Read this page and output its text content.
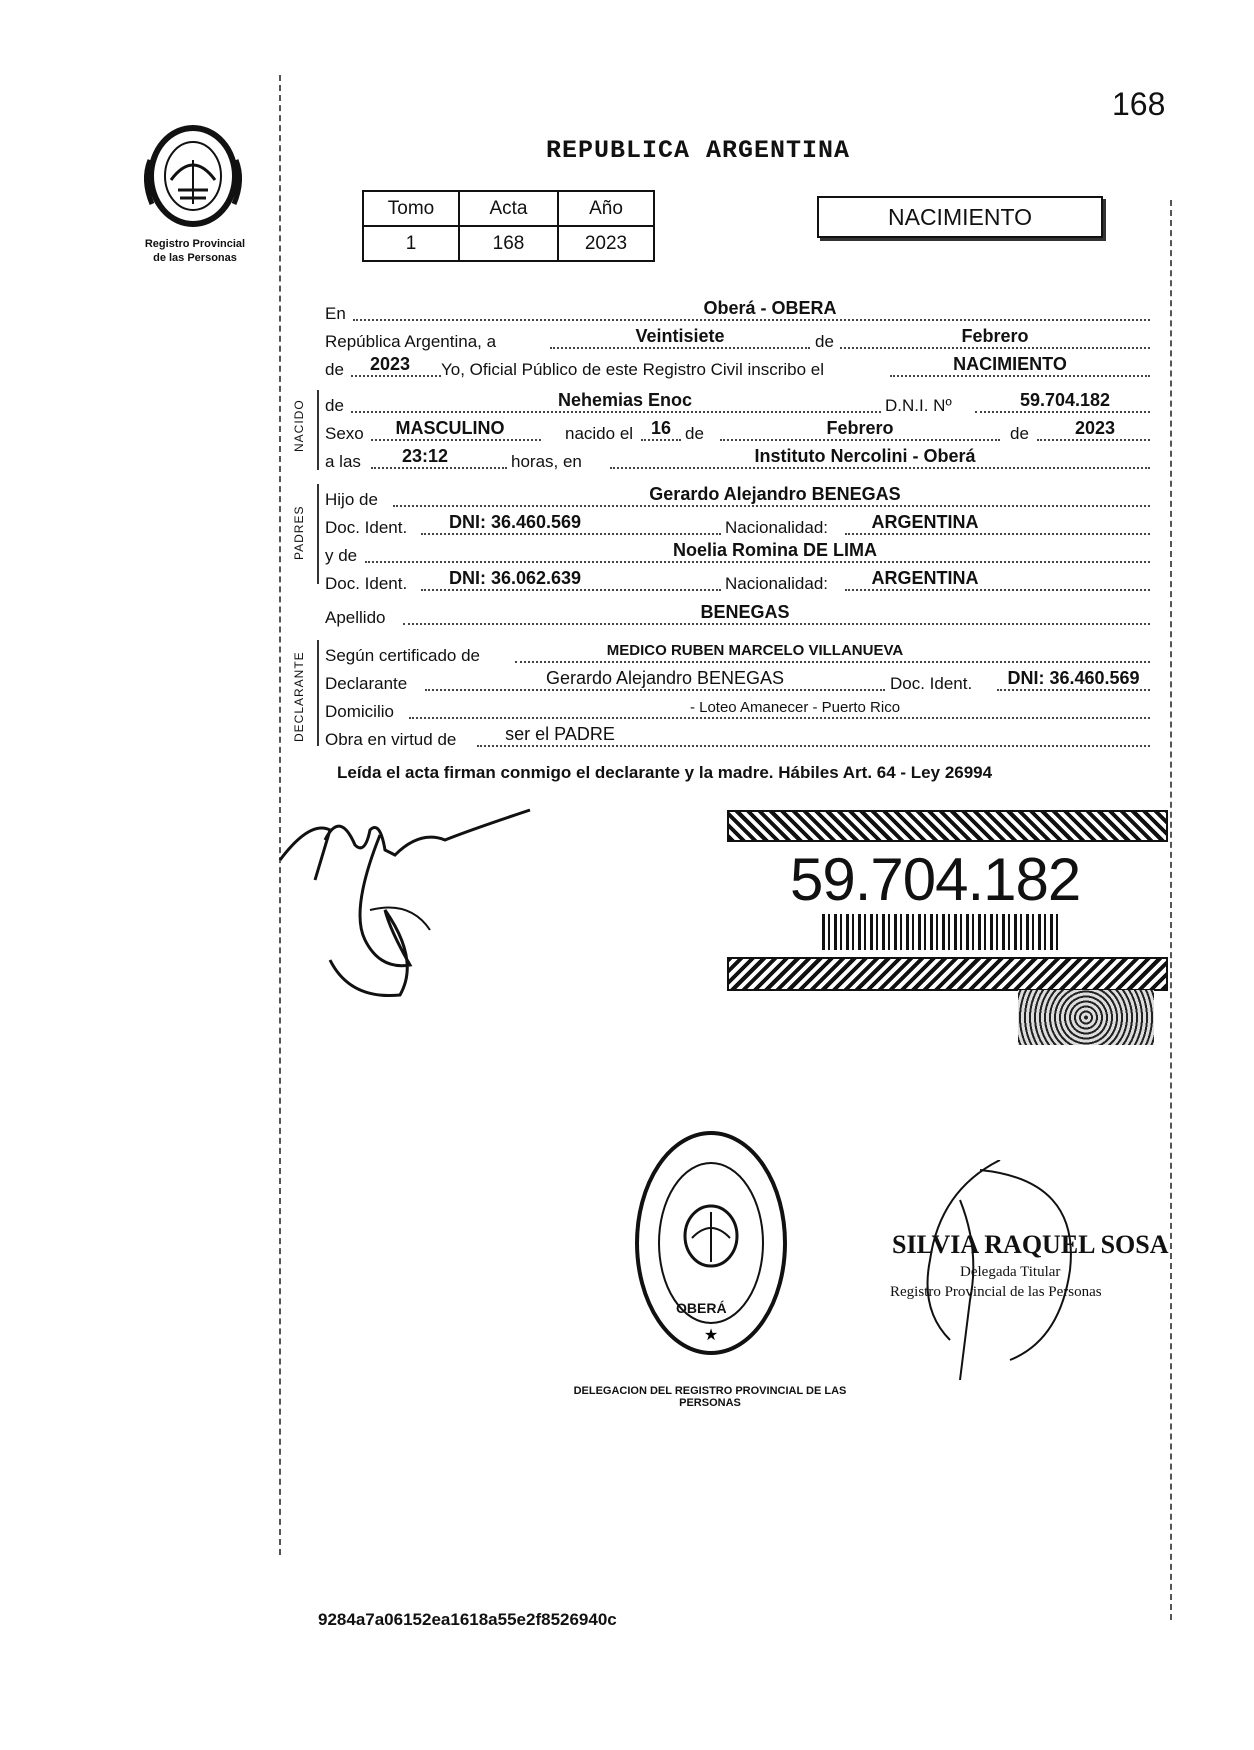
168
Registro Provincial
de las Personas
REPUBLICA ARGENTINA
Tomo	Acta	Año
1	168	2023
NACIMIENTO
En	Oberá - OBERA
República Argentina, a	Veintisiete	de	Febrero
de	2023	Yo, Oficial Público de este Registro Civil inscribo el	NACIMIENTO
NACIDO de	Nehemias Enoc	D.N.I. Nº	59.704.182
Sexo	MASCULINO	nacido el 16 de	Febrero	de	2023
a las	23:12	horas, en	Instituto Nercolini - Oberá
PADRES
Hijo de	Gerardo Alejandro BENEGAS
Doc. Ident.	DNI: 36.460.569	Nacionalidad:	ARGENTINA
y de	Noelia Romina DE LIMA
Doc. Ident.	DNI: 36.062.639	Nacionalidad:	ARGENTINA
Apellido	BENEGAS
DECLARANTE Según certificado de	MEDICO RUBEN MARCELO VILLANUEVA
Declarante	Gerardo Alejandro BENEGAS	Doc. Ident.	DNI: 36.460.569
Domicilio	- Loteo Amanecer - Puerto Rico
Obra en virtud de	ser el PADRE
Leída el acta firman conmigo el declarante y la madre. Hábiles Art. 64 - Ley 26994
59.704.182
★
OBERÁ
DELEGACION DEL REGISTRO PROVINCIAL DE LAS PERSONAS
SILVIA RAQUEL SOSA
Delegada Titular
Registro Provincial de las Personas
9284a7a06152ea1618a55e2f8526940c
